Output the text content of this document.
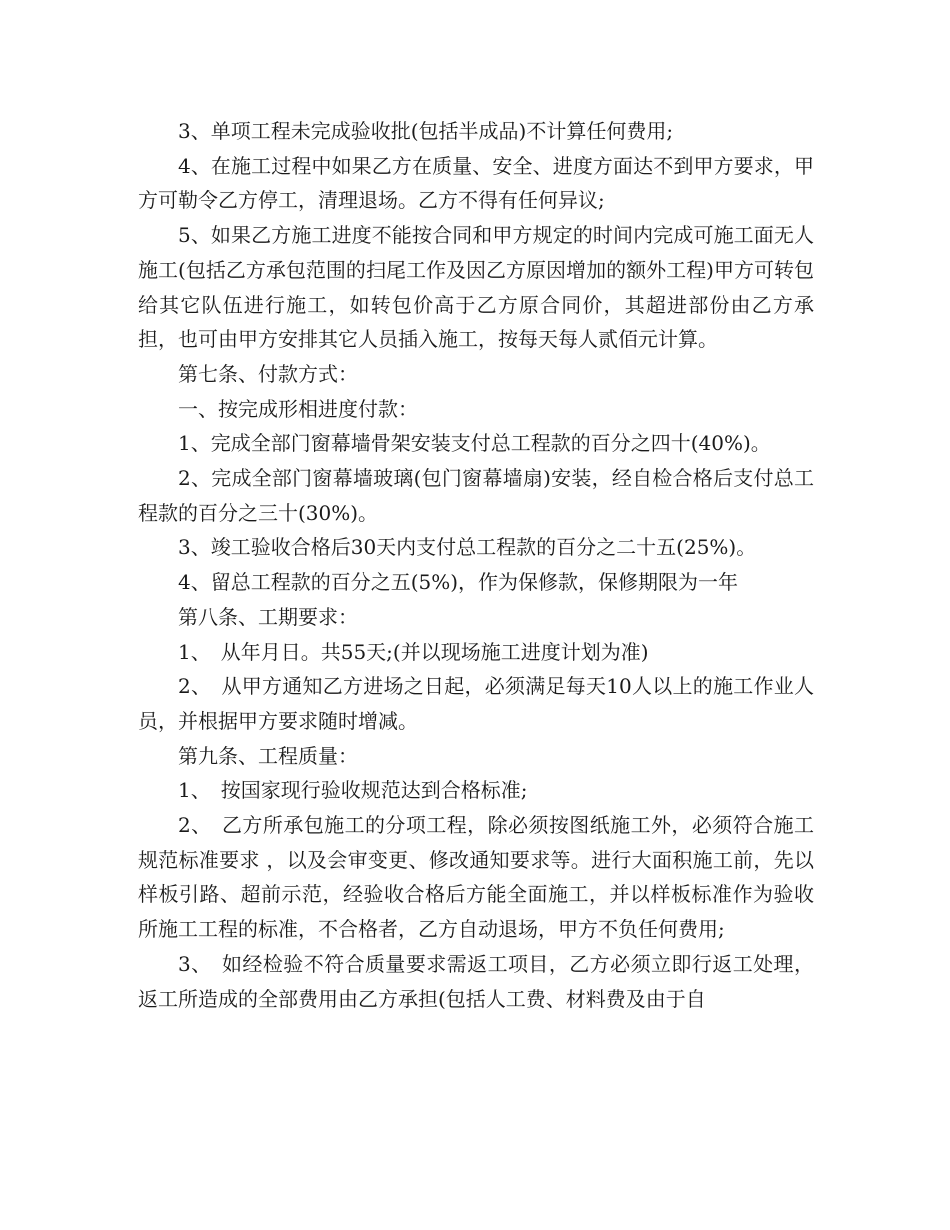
3、单项工程未完成验收批(包括半成品)不计算任何费用;

4、在施工过程中如果乙方在质量、安全、进度方面达不到甲方要求，甲方可勒令乙方停工，清理退场。乙方不得有任何异议;

5、如果乙方施工进度不能按合同和甲方规定的时间内完成可施工面无人施工(包括乙方承包范围的扫尾工作及因乙方原因增加的额外工程)甲方可转包给其它队伍进行施工，如转包价高于乙方原合同价，其超进部份由乙方承担，也可由甲方安排其它人员插入施工，按每天每人贰佰元计算。

第七条、付款方式：

一、按完成形相进度付款：

1、完成全部门窗幕墙骨架安装支付总工程款的百分之四十(40%)。

2、完成全部门窗幕墙玻璃(包门窗幕墙扇)安装，经自检合格后支付总工程款的百分之三十(30%)。

3、竣工验收合格后30天内支付总工程款的百分之二十五(25%)。

4、留总工程款的百分之五(5%)，作为保修款，保修期限为一年

第八条、工期要求：

1、　从年月日。共55天;(并以现场施工进度计划为准)

2、　从甲方通知乙方进场之日起，必须满足每天10人以上的施工作业人员，并根据甲方要求随时增减。

第九条、工程质量：

1、　按国家现行验收规范达到合格标准;

2、　乙方所承包施工的分项工程，除必须按图纸施工外，必须符合施工规范标准要求 ，以及会审变更、修改通知要求等。进行大面积施工前，先以样板引路、超前示范，经验收合格后方能全面施工，并以样板标准作为验收所施工工程的标准，不合格者，乙方自动退场，甲方不负任何费用;

3、　如经检验不符合质量要求需返工项目，乙方必须立即行返工处理，返工所造成的全部费用由乙方承担(包括人工费、材料费及由于自
